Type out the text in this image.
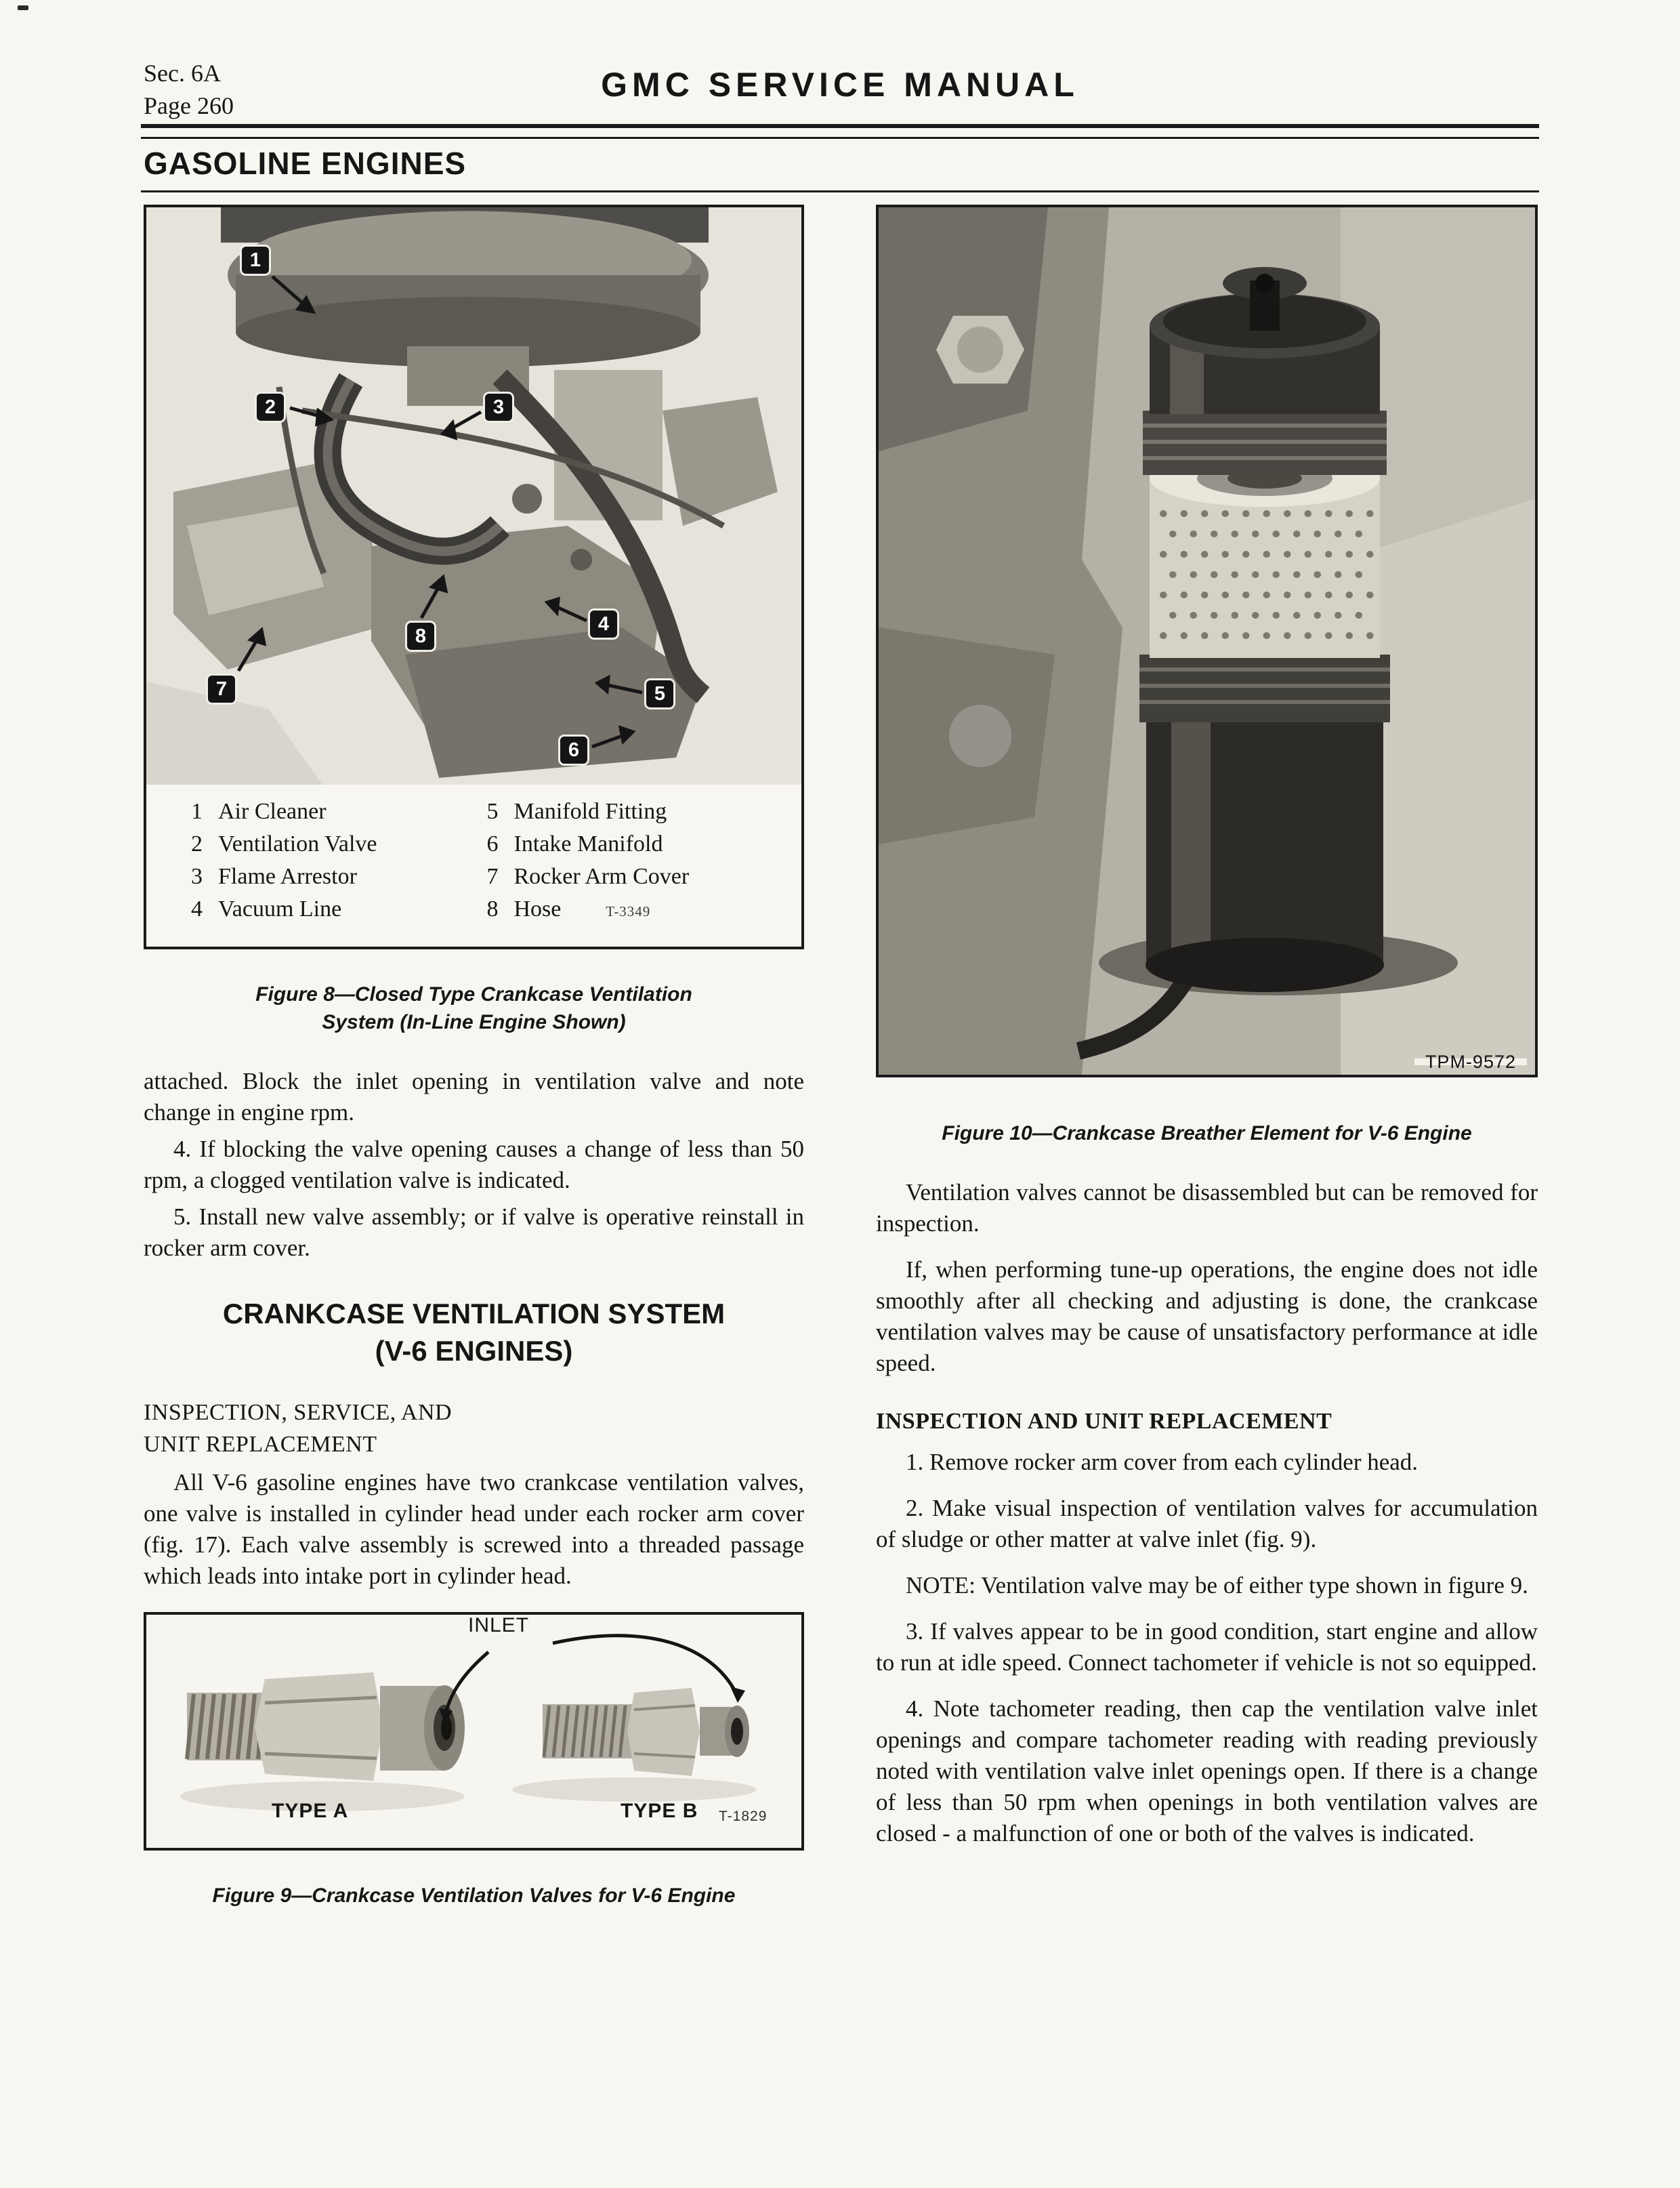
Sec. 6A
Page 260
GMC SERVICE MANUAL
GASOLINE ENGINES
1
2	3
4
5
6
7
8
1 Air Cleaner
2 Ventilation Valve
3 Flame Arrestor
4 Vacuum Line
5 Manifold Fitting
6 Intake Manifold
7 Rocker Arm Cover
8 Hose	T-3349
Figure 8—Closed Type Crankcase Ventilation
System (In-Line Engine Shown)

attached. Block the inlet opening in ventilation valve and note change in engine rpm.

4. If blocking the valve opening causes a change of less than 50 rpm, a clogged ventilation valve is indicated.

5. Install new valve assembly; or if valve is operative reinstall in rocker arm cover.

CRANKCASE VENTILATION SYSTEM
(V-6 ENGINES)
INSPECTION, SERVICE, AND
UNIT REPLACEMENT

All V-6 gasoline engines have two crankcase ventilation valves, one valve is installed in cylinder head under each rocker arm cover (fig. 17). Each valve assembly is screwed into a threaded passage which leads into intake port in cylinder head.

Figure 9—Crankcase Ventilation Valves for V-6 Engine
TPM-9572
Figure 10—Crankcase Breather Element for V-6 Engine

Ventilation valves cannot be disassembled but can be removed for inspection.

If, when performing tune-up operations, the engine does not idle smoothly after all checking and adjusting is done, the crankcase ventilation valves may be cause of unsatisfactory performance at idle speed.

INSPECTION AND UNIT REPLACEMENT

1. Remove rocker arm cover from each cylinder head.

2. Make visual inspection of ventilation valves for accumulation of sludge or other matter at valve inlet (fig. 9).

NOTE: Ventilation valve may be of either type shown in figure 9.

3. If valves appear to be in good condition, start engine and allow to run at idle speed. Connect tachometer if vehicle is not so equipped.

4. Note tachometer reading, then cap the ventilation valve inlet openings and compare tachometer reading with reading previously noted with ventilation valve inlet openings open. If there is a change of less than 50 rpm when openings in both ventilation valves are closed - a malfunction of one or both of the valves is indicated.
